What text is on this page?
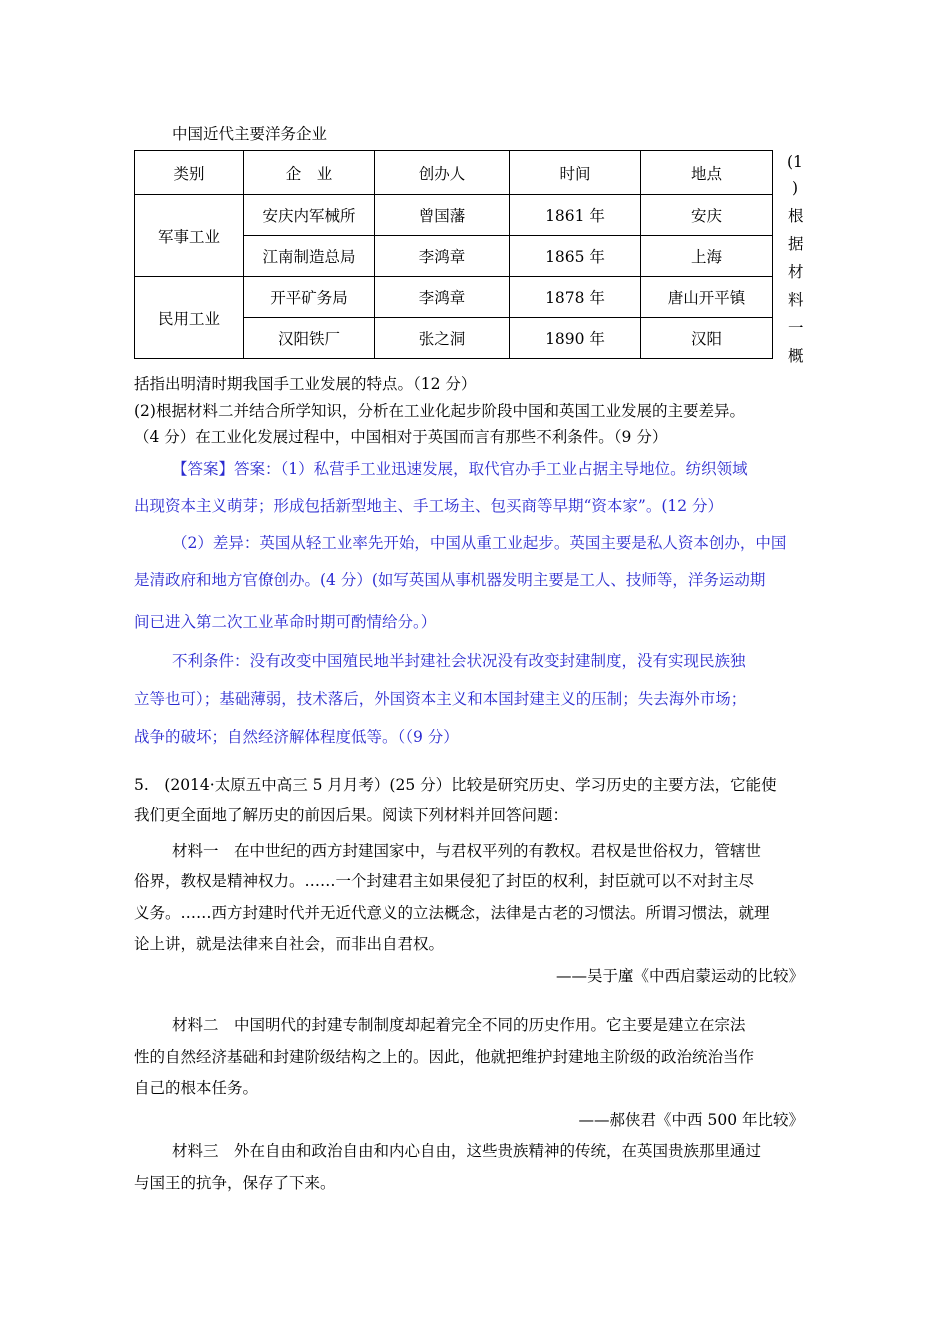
中国近代主要洋务企业
类别	企　业	创办人	时间	地点
军事工业	安庆内军械所	曾国藩	1861 年	安庆
	江南制造总局	李鸿章	1865 年	上海
民用工业	开平矿务局	李鸿章	1878 年	唐山开平镇
	汉阳铁厂	张之洞	1890 年	汉阳
(1
)
根
据
材
料
一
概
括指出明清时期我国手工业发展的特点。（12 分）
(2)根据材料二并结合所学知识，分析在工业化起步阶段中国和英国工业发展的主要差异。
（4 分）在工业化发展过程中，中国相对于英国而言有那些不利条件。（9 分）
【答案】答案：（1）私营手工业迅速发展，取代官办手工业占据主导地位。纺织领域
出现资本主义萌芽；形成包括新型地主、手工场主、包买商等早期“资本家”。(12 分）
（2）差异：英国从轻工业率先开始，中国从重工业起步。英国主要是私人资本创办，中国
是清政府和地方官僚创办。(4 分）(如写英国从事机器发明主要是工人、技师等，洋务运动期
间已进入第二次工业革命时期可酌情给分。）
不利条件：没有改变中国殖民地半封建社会状况没有改变封建制度，没有实现民族独
立等也可）；基础薄弱，技术落后，外国资本主义和本国封建主义的压制；失去海外市场；
战争的破坏；自然经济解体程度低等。（（9 分）
5.　(2014·太原五中高三 5 月月考）(25 分）比较是研究历史、学习历史的主要方法，它能使
我们更全面地了解历史的前因后果。阅读下列材料并回答问题：
材料一　在中世纪的西方封建国家中，与君权平列的有教权。君权是世俗权力，管辖世
俗界，教权是精神权力。……一个封建君主如果侵犯了封臣的权利，封臣就可以不对封主尽
义务。……西方封建时代并无近代意义的立法概念，法律是古老的习惯法。所谓习惯法，就理
论上讲，就是法律来自社会，而非出自君权。
——吴于廑《中西启蒙运动的比较》
材料二　中国明代的封建专制制度却起着完全不同的历史作用。它主要是建立在宗法
性的自然经济基础和封建阶级结构之上的。因此，他就把维护封建地主阶级的政治统治当作
自己的根本任务。
——郝侠君《中西 500 年比较》
材料三　外在自由和政治自由和内心自由，这些贵族精神的传统，在英国贵族那里通过
与国王的抗争，保存了下来。
